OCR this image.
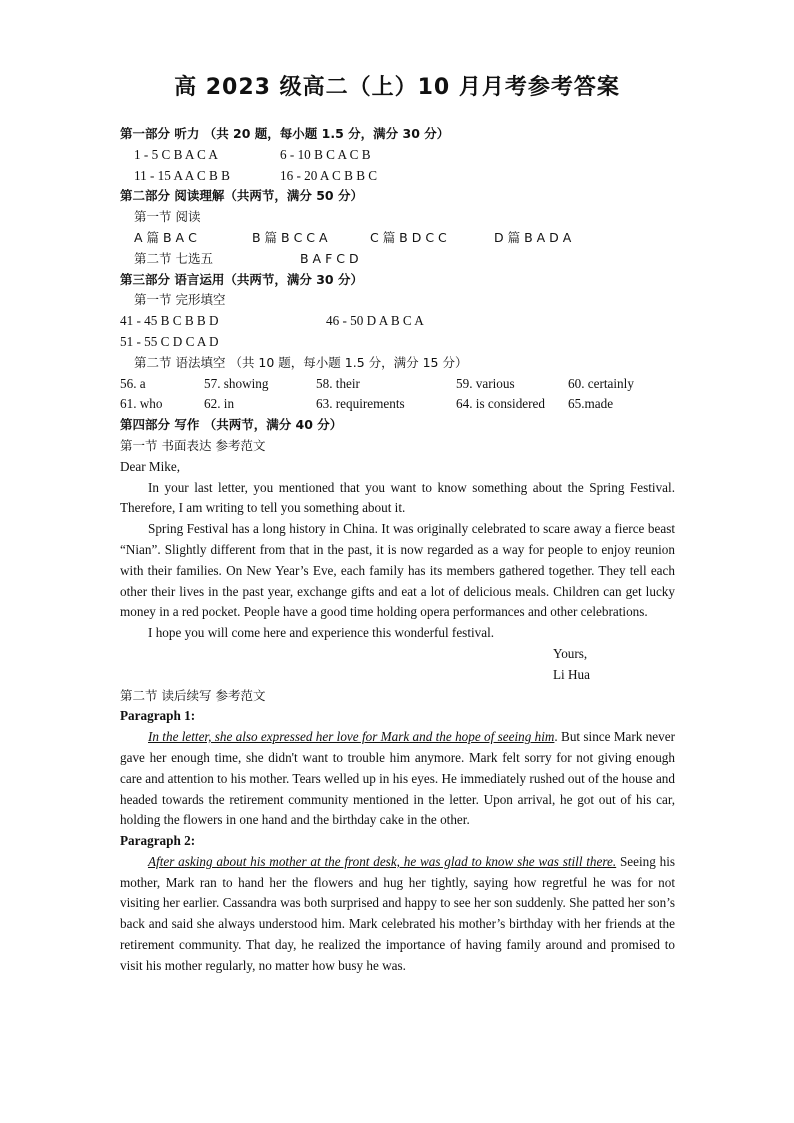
高 2023 级高二（上）10 月月考参考答案
第一部分 听力 （共 20 题，每小题 1.5 分，满分 30 分）
1 - 5 C B A C A	6 - 10 B C A C B
11 - 15 A A C B B	16 - 20 A C B B C
第二部分 阅读理解（共两节，满分 50 分）
第一节 阅读
A 篇 B A C	B 篇 B C C A	C 篇 B D C C	D 篇 B A D A
第二节 七选五	B A F C D
第三部分 语言运用（共两节，满分 30 分）
第一节 完形填空
41 - 45 B C B B D	46 - 50 D A B C A
51 - 55 C D C A D
第二节 语法填空 （共 10 题，每小题 1.5 分，满分 15 分）
56. a	57. showing	58. their	59. various	60. certainly
61. who	62. in	63. requirements	64. is considered 65.made
第四部分 写作 （共两节，满分 40 分）
第一节 书面表达 参考范文
Dear Mike,

In your last letter, you mentioned that you want to know something about the Spring Festival. Therefore, I am writing to tell you something about it.

Spring Festival has a long history in China. It was originally celebrated to scare away a fierce beast “Nian”. Slightly different from that in the past, it is now regarded as a way for people to enjoy reunion with their families. On New Year’s Eve, each family has its members gathered together. They tell each other their lives in the past year, exchange gifts and eat a lot of delicious meals. Children can get lucky money in a red pocket. People have a good time holding opera performances and other celebrations.

I hope you will come here and experience this wonderful festival.

Yours,
Li Hua
第二节 读后续写 参考范文
Paragraph 1:

In the letter, she also expressed her love for Mark and the hope of seeing him. But since Mark never gave her enough time, she didn't want to trouble him anymore. Mark felt sorry for not giving enough care and attention to his mother. Tears welled up in his eyes. He immediately rushed out of the house and headed towards the retirement community mentioned in the letter. Upon arrival, he got out of his car, holding the flowers in one hand and the birthday cake in the other.

Paragraph 2:

After asking about his mother at the front desk, he was glad to know she was still there. Seeing his mother, Mark ran to hand her the flowers and hug her tightly, saying how regretful he was for not visiting her earlier. Cassandra was both surprised and happy to see her son suddenly. She patted her son’s back and said she always understood him. Mark celebrated his mother’s birthday with her friends at the retirement community. That day, he realized the importance of having family around and promised to visit his mother regularly, no matter how busy he was.
